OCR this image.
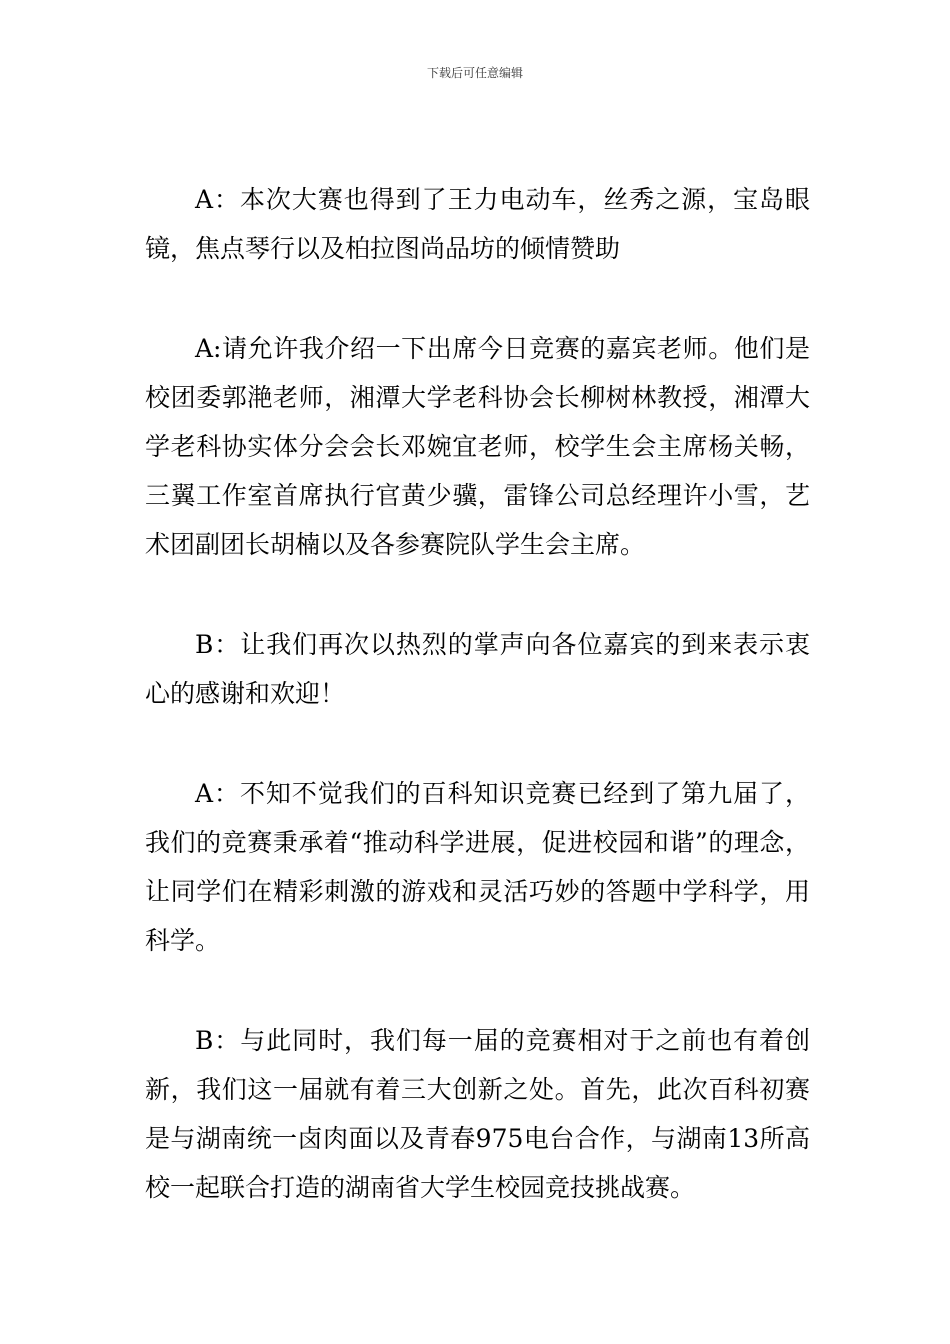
下载后可任意编辑

A：本次大赛也得到了王力电动车，丝秀之源，宝岛眼镜，焦点琴行以及柏拉图尚品坊的倾情赞助

A:请允许我介绍一下出席今日竞赛的嘉宾老师。他们是校团委郭滟老师，湘潭大学老科协会长柳树林教授，湘潭大学老科协实体分会会长邓婉宜老师，校学生会主席杨关畅，三翼工作室首席执行官黄少骥，雷锋公司总经理许小雪，艺术团副团长胡楠以及各参赛院队学生会主席。

B：让我们再次以热烈的掌声向各位嘉宾的到来表示衷心的感谢和欢迎！

A：不知不觉我们的百科知识竞赛已经到了第九届了，我们的竞赛秉承着“推动科学进展，促进校园和谐”的理念，让同学们在精彩刺激的游戏和灵活巧妙的答题中学科学，用科学。

B：与此同时，我们每一届的竞赛相对于之前也有着创新，我们这一届就有着三大创新之处。首先，此次百科初赛是与湖南统一卤肉面以及青春975电台合作，与湖南13所高校一起联合打造的湖南省大学生校园竞技挑战赛。
